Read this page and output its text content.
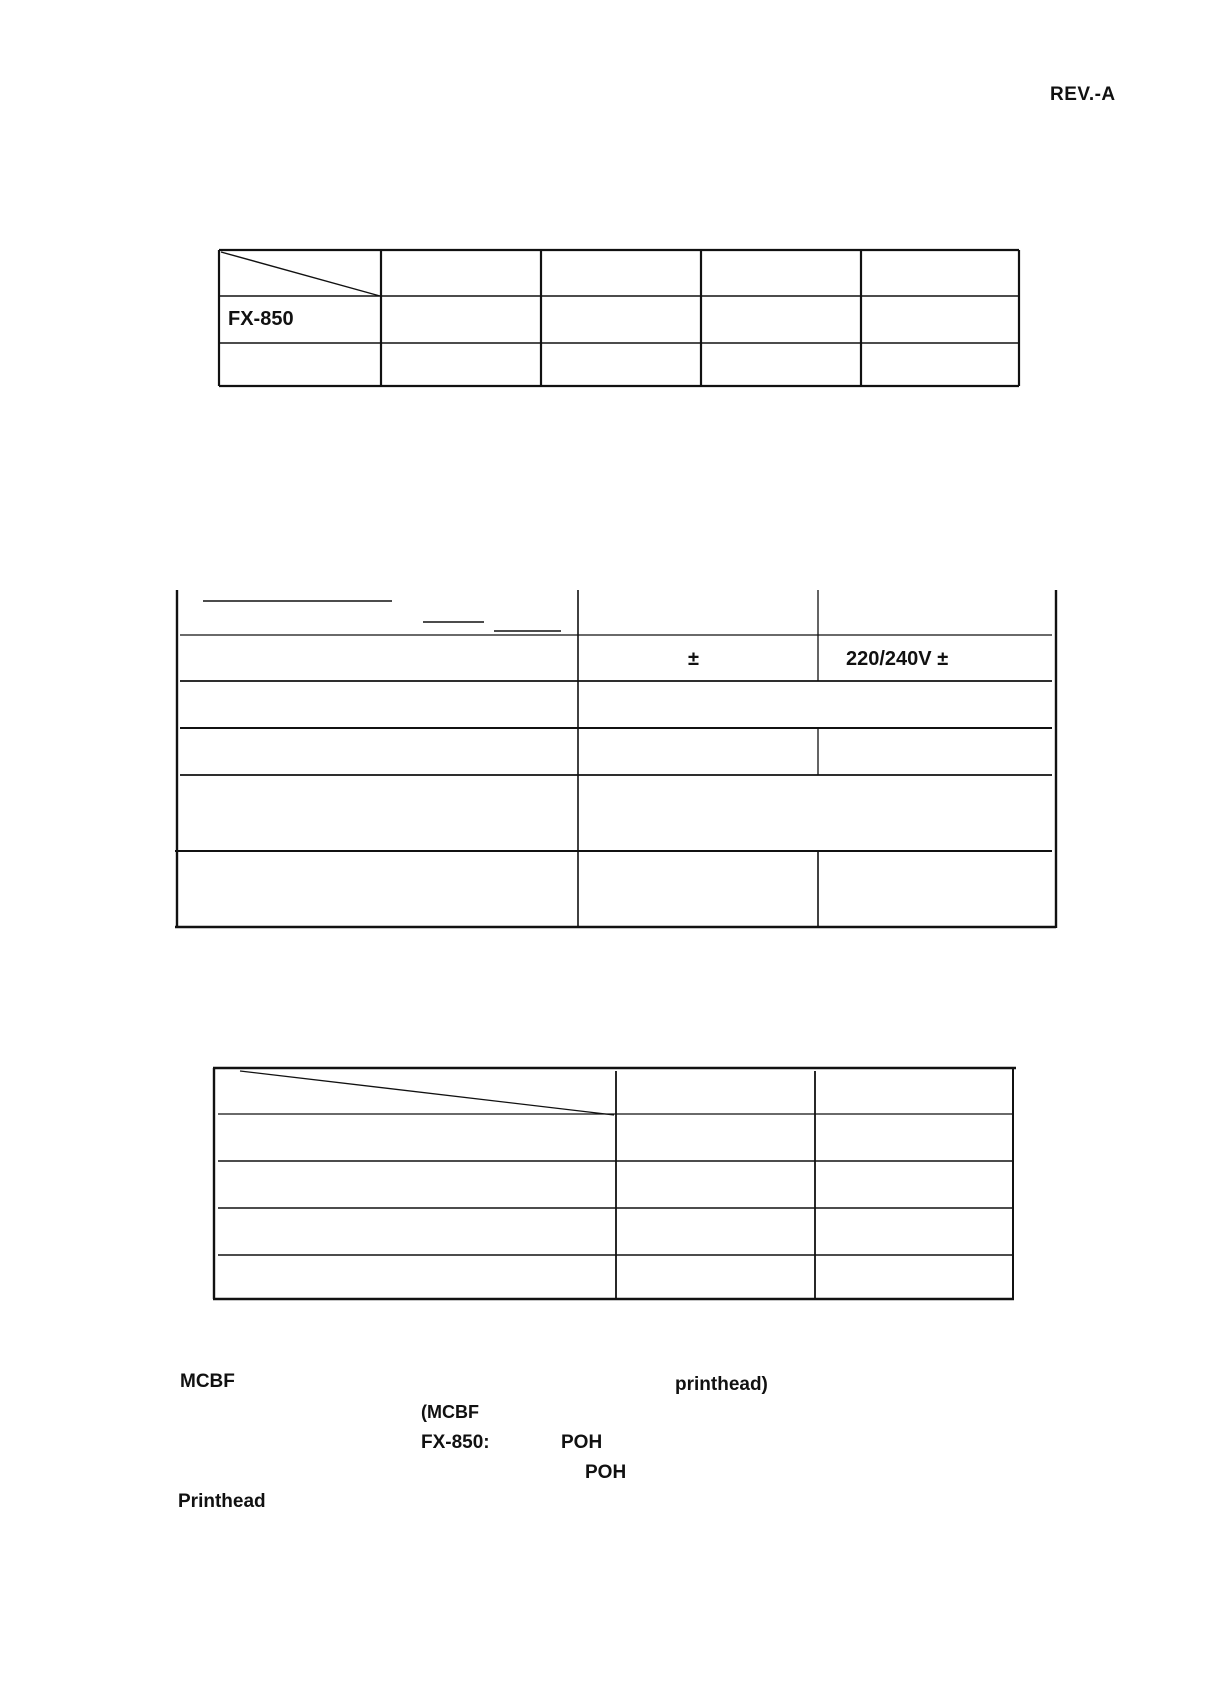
REV.-A
FX-850
±	220/240V ±
MCBF	printhead)
(MCBF
FX-850:	POH
POH
Printhead
